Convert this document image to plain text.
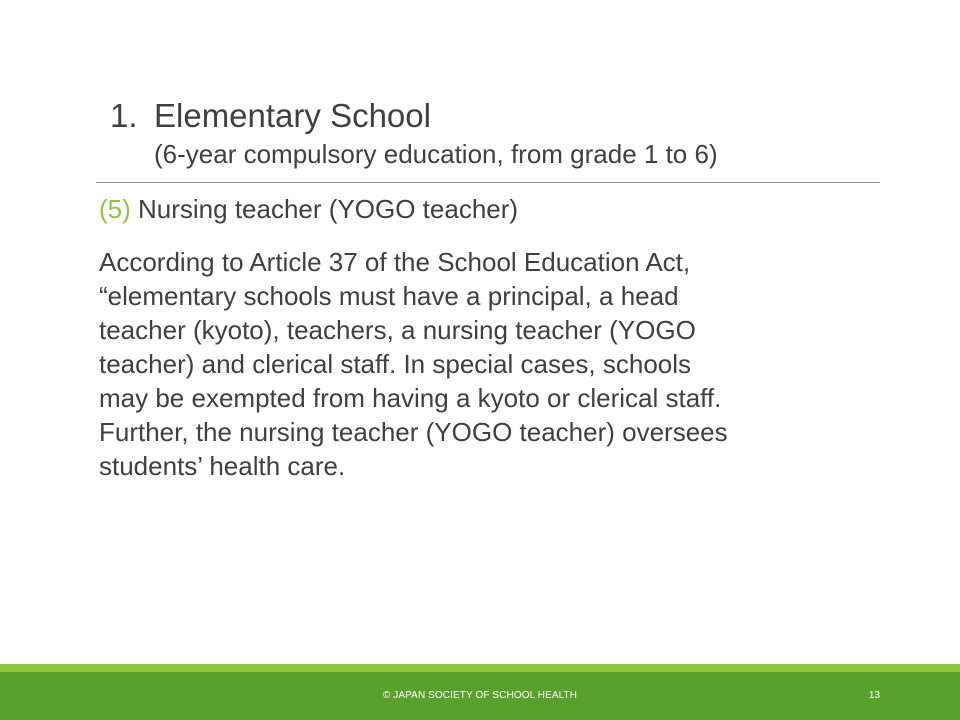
1. Elementary School
(6-year compulsory education, from grade 1 to 6)
(5) Nursing teacher (YOGO teacher)
According to Article 37 of the School Education Act,
“elementary schools must have a principal, a head
teacher (kyoto), teachers, a nursing teacher (YOGO
teacher) and clerical staff. In special cases, schools
may be exempted from having a kyoto or clerical staff.
Further, the nursing teacher (YOGO teacher) oversees
students’ health care.
© JAPAN SOCIETY OF SCHOOL HEALTH	13
